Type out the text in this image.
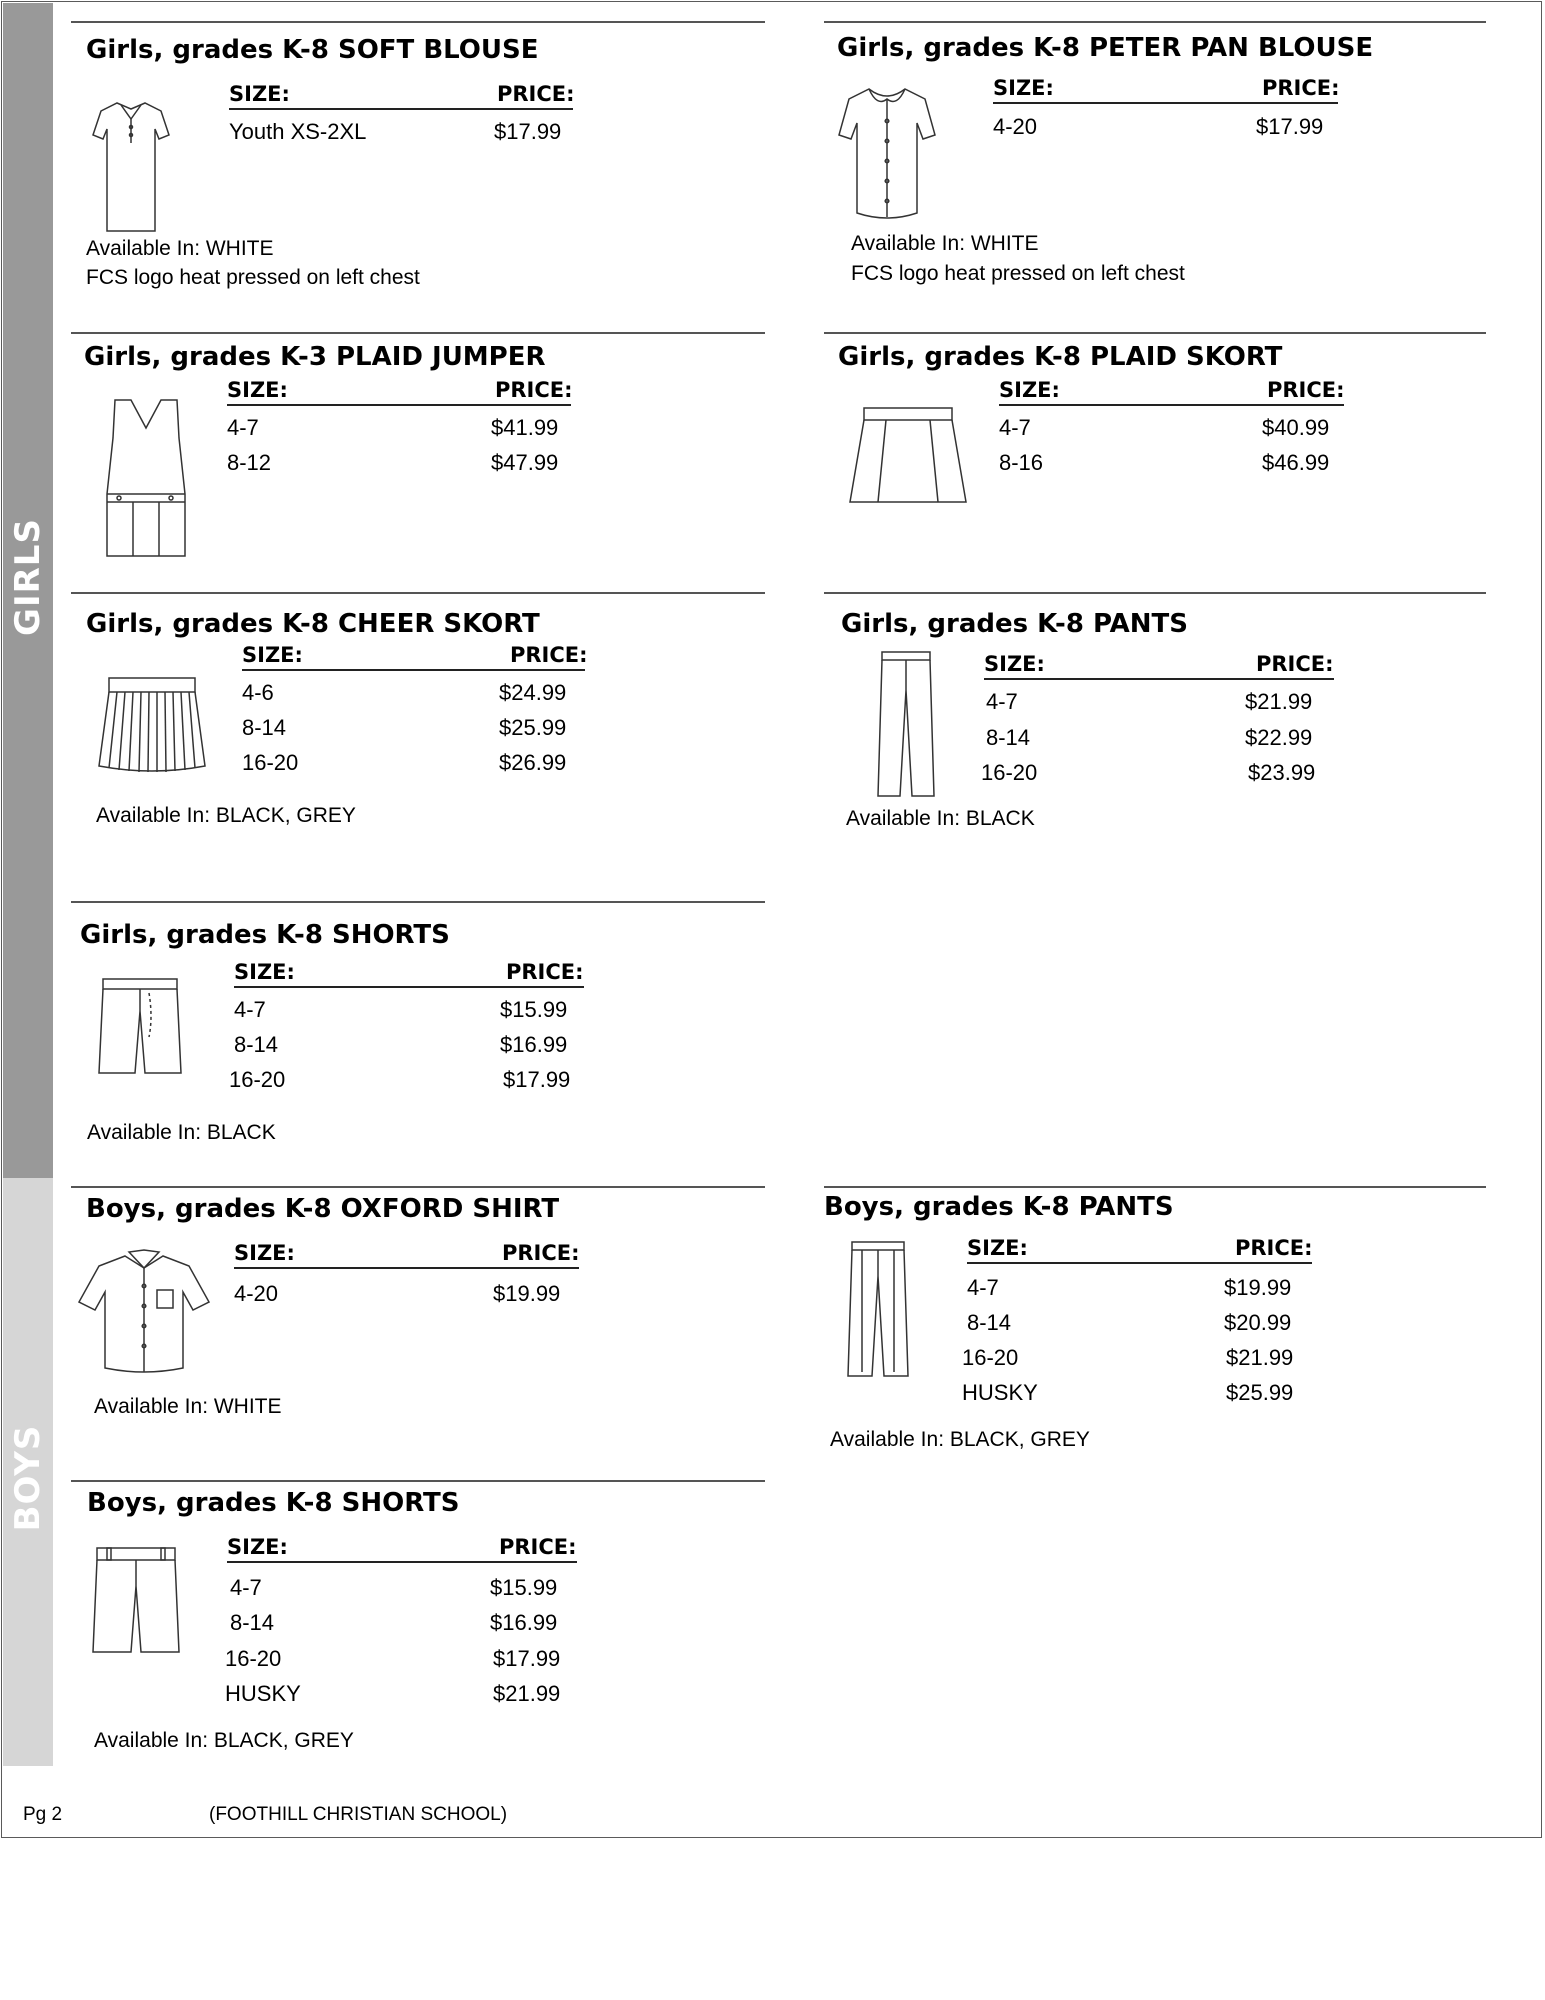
GIRLS
BOYS
Girls, grades K-8 SOFT BLOUSE
SIZE:	PRICE:
Youth XS-2XL	$17.99
Available In: WHITE
FCS logo heat pressed on left chest
Girls, grades K-8 PETER PAN BLOUSE
SIZE:	PRICE:
4-20	$17.99
Available In: WHITE
FCS logo heat pressed on left chest
Girls, grades K-3 PLAID JUMPER
SIZE:	PRICE:
4-7	$41.99
8-12	$47.99
Girls, grades K-8 PLAID SKORT
SIZE:	PRICE:
4-7	$40.99
8-16	$46.99
Girls, grades K-8 CHEER SKORT
SIZE:	PRICE:
4-6	$24.99
8-14	$25.99
16-20	$26.99
Available In: BLACK, GREY
Girls, grades K-8 PANTS
SIZE:	PRICE:
4-7	$21.99
8-14	$22.99
16-20	$23.99
Available In: BLACK
Girls, grades K-8 SHORTS
SIZE:	PRICE:
4-7	$15.99
8-14	$16.99
16-20	$17.99
Available In: BLACK
Boys, grades K-8 OXFORD SHIRT
SIZE:	PRICE:
4-20	$19.99
Available In: WHITE
Boys, grades K-8 PANTS
SIZE:	PRICE:
4-7	$19.99
8-14	$20.99
16-20	$21.99
HUSKY	$25.99
Available In: BLACK, GREY
Boys, grades K-8 SHORTS
SIZE:	PRICE:
4-7	$15.99
8-14	$16.99
16-20	$17.99
HUSKY	$21.99
Available In: BLACK, GREY
Pg 2	(FOOTHILL CHRISTIAN SCHOOL)
